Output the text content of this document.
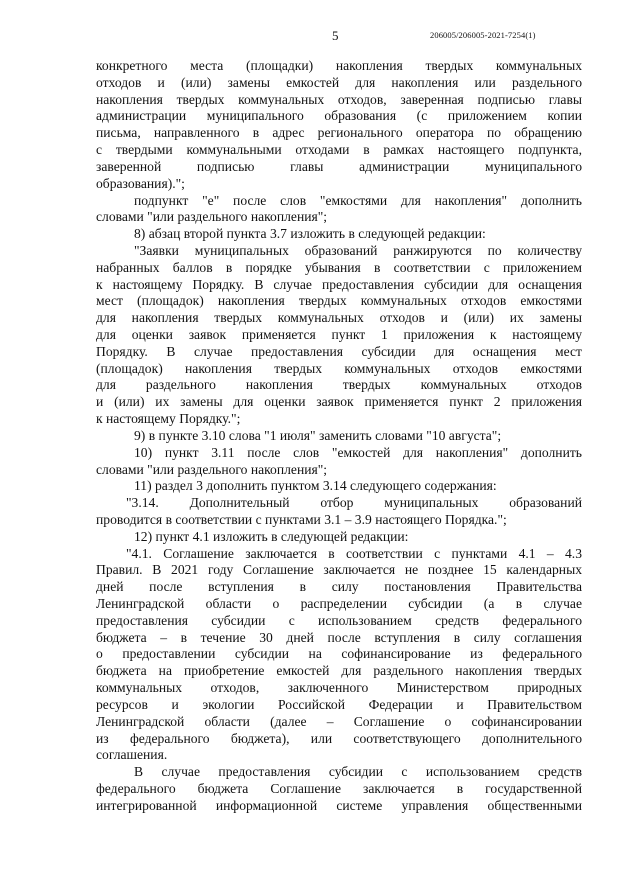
5	206005/206005-2021-7254(1)
конкретного места (площадки) накопления твердых коммунальных
отходов и (или) замены емкостей для накопления или раздельного
накопления твердых коммунальных отходов, заверенная подписью главы
администрации муниципального образования (с приложением копии
письма, направленного в адрес регионального оператора по обращению
с твердыми коммунальными отходами в рамках настоящего подпункта,
заверенной подписью главы администрации муниципального
образования).";
подпункт "е" после слов "емкостями для накопления" дополнить
словами "или раздельного накопления";
8) абзац второй пункта 3.7 изложить в следующей редакции:
"Заявки муниципальных образований ранжируются по количеству
набранных баллов в порядке убывания в соответствии с приложением
к настоящему Порядку. В случае предоставления субсидии для оснащения
мест (площадок) накопления твердых коммунальных отходов емкостями
для накопления твердых коммунальных отходов и (или) их замены
для оценки заявок применяется пункт 1 приложения к настоящему
Порядку. В случае предоставления субсидии для оснащения мест
(площадок) накопления твердых коммунальных отходов емкостями
для раздельного накопления твердых коммунальных отходов
и (или) их замены для оценки заявок применяется пункт 2 приложения
к настоящему Порядку.";
9) в пункте 3.10 слова "1 июля" заменить словами "10 августа";
10) пункт 3.11 после слов "емкостей для накопления" дополнить
словами "или раздельного накопления";
11) раздел 3 дополнить пунктом 3.14 следующего содержания:
"3.14. Дополнительный отбор муниципальных образований
проводится в соответствии с пунктами 3.1 – 3.9 настоящего Порядка.";
12) пункт 4.1 изложить в следующей редакции:
"4.1. Соглашение заключается в соответствии с пунктами 4.1 – 4.3
Правил. В 2021 году Соглашение заключается не позднее 15 календарных
дней после вступления в силу постановления Правительства
Ленинградской области о распределении субсидии (а в случае
предоставления субсидии с использованием средств федерального
бюджета – в течение 30 дней после вступления в силу соглашения
о предоставлении субсидии на софинансирование из федерального
бюджета на приобретение емкостей для раздельного накопления твердых
коммунальных отходов, заключенного Министерством природных
ресурсов и экологии Российской Федерации и Правительством
Ленинградской области (далее – Соглашение о софинансировании
из федерального бюджета), или соответствующего дополнительного
соглашения.
В случае предоставления субсидии с использованием средств
федерального бюджета Соглашение заключается в государственной
интегрированной информационной системе управления общественными
